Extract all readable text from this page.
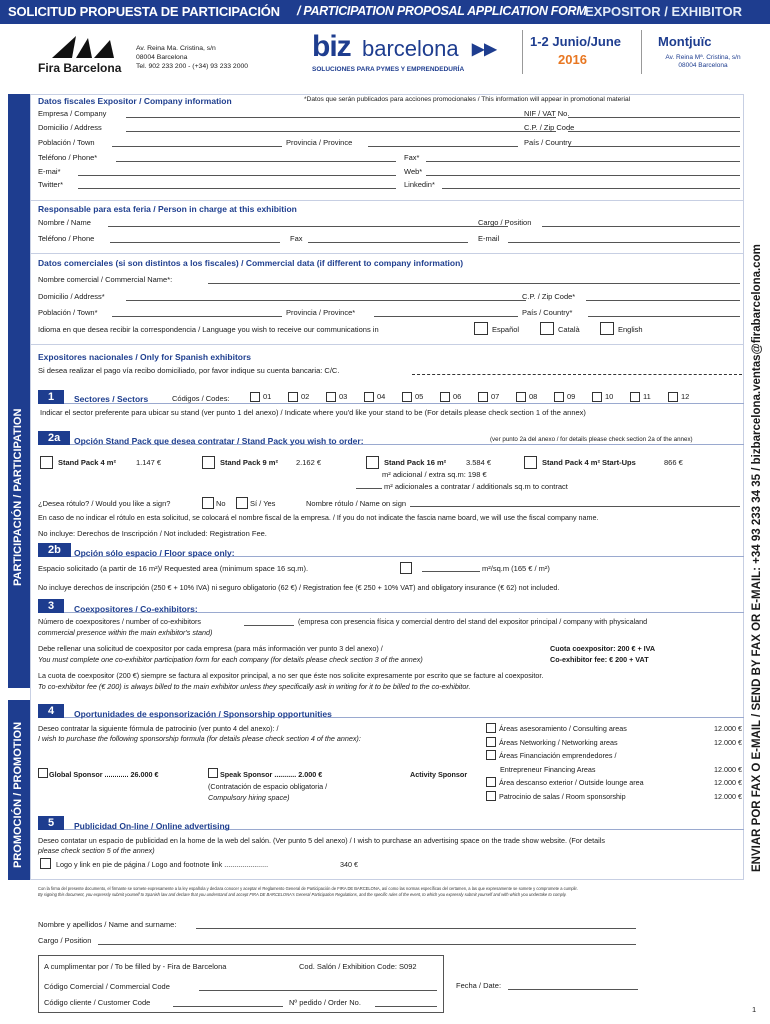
SOLICITUD PROPUESTA DE PARTICIPACIÓN / PARTICIPATION PROPOSAL APPLICATION FORM
EXPOSITOR / EXHIBITOR
Fira Barcelona
Av. Reina Ma. Cristina, s/n
08004 Barcelona
Tel. 902 233 200 - (+34) 93 233 2000
biz barcelona ▶▶
SOLUCIONES PARA PYMES Y EMPRENDEDURÍA
1-2 Junio/June
2016
Montjuïc
Av. Reina Mª. Cristina, s/n
08004 Barcelona
PARTICIPACIÓN / PARTICIPATION
PROMOCIÓN / PROMOTION	ENVIAR POR FAX O E-MAIL / SEND BY FAX OR E-MAIL: +34 93 233 34 35 / bizbarcelona.ventas@firabarcelona.com
Datos fiscales Expositor / Company information	*Datos que serán publicados para acciones promocionales / This information will appear in promotional material
Empresa / Company	NIF / VAT No.
Domicilio / Address	C.P. / Zip Code
Población / Town	Provincia / Province	País / Country
Teléfono / Phone*	Fax*
E-mai*	Web*
Twitter*	Linkedin*
Responsable para esta feria / Person in charge at this exhibition
Nombre / Name	Cargo / Position
Teléfono / Phone	Fax	E-mail
Datos comerciales (si son distintos a los fiscales) / Commercial data (if different to company information)
Nombre comercial / Commercial Name*:
Domicilio / Address*	C.P. / Zip Code*
Población / Town*	Provincia / Province*	País / Country*
Idioma en que desea recibir la correspondencia / Language you wish to receive our communications in	Español	Català	English
Expositores nacionales / Only for Spanish exhibitors
Si desea realizar el pago vía recibo domiciliado, por favor indique su cuenta bancaria: C/C.
1	Sectores / Sectors	Códigos / Codes:	01	02	03	04	05	06	07	08	09	10	11	12
Indicar el sector preferente para ubicar su stand (ver punto 1 del anexo) / Indicate where you'd like your stand to be (For details please check section 1 of the annex)
2a	Opción Stand Pack que desea contratar / Stand Pack you wish to order:	(ver punto 2a del anexo / for details please check section 2a of the annex)
Stand Pack 4 m²	1.147 €	Stand Pack 9 m² 2.162 €	Stand Pack 16 m²	3.584 €
m² adicional / extra sq.m: 198 €
m² adicionales a contratar / additionals sq.m to contract
Stand Pack 4 m² Start-Ups	866 €
¿Desea rótulo? / Would you like a sign?	No	Sí / Yes	Nombre rótulo / Name on sign
En caso de no indicar el rótulo en esta solicitud, se colocará el nombre fiscal de la empresa. / If you do not indicate the fascia name board, we will use the fiscal company name.
No incluye: Derechos de Inscripción / Not included: Registration Fee.
2b	Opción sólo espacio / Floor space only:
Espacio solicitado (a partir de 16 m²)/ Requested area (minimum space 16 sq.m).	m²/sq.m (165 € / m²)
No incluye derechos de inscripción (250 € + 10% IVA) ni seguro obligatorio (62 €) / Registration fee (€ 250 + 10% VAT) and obligatory insurance (€ 62) not included.
3	Coexpositores / Co-exhibitors:
Número de coexpositores / number of co-exhibitors	(empresa con presencia física y comercial dentro del stand del expositor principal / company with physicaland
commercial presence within the main exhibitor's stand)
Debe rellenar una solicitud de coexpositor por cada empresa (para más información ver punto 3 del anexo) /
You must complete one co-exhibitor participation form for each company (for details please check section 3 of the annex)
Cuota coexpositor: 200 € + IVA
Co-exhibitor fee: € 200 + VAT
La cuota de coexpositor (200 €) siempre se factura al expositor principal, a no ser que éste nos solicite expresamente por escrito que se facture al coexpositor.
To co-exhibitor fee (€ 200) is always billed to the main exhibitor unless they specifically ask in writing for it to be billed to the co-exhibitor.
4	Oportunidades de esponsorización / Sponsorship opportunities
Deseo contratar la siguiente fórmula de patrocinio (ver punto 4 del anexo): /
I wish to purchase the following sponsorship formula (for details please check section 4 of the annex):
Global Sponsor ............ 26.000 €	Speak Sponsor ........... 2.000 €
(Contratación de espacio obligatoria /
Compulsory hiring space)
Activity Sponsor
Áreas asesoramiento / Consulting areas	12.000 €
Áreas Networking / Networking areas	12.000 €
Áreas Financiación emprendedores /
Entrepreneur Financing Areas	12.000 €
Área descanso exterior / Outside lounge area	12.000 €
Patrocinio de salas / Room sponsorship	12.000 €
5	Publicidad On-line / Online advertising
Deseo contatar un espacio de publicidad en la home de la web del salón. (Ver punto 5 del anexo) / I wish to purchase an advertising space on the trade show website. (For details
please check section 5 of the annex)
Logo y link en pie de página / Logo and footnote link ......................	340 €
Con la firma del presente documento, el firmante se somete expresamente a la ley española y declara conocer y aceptar el Reglamento General de Participación de FIRA DE BARCELONA, así como las normas específicas del certamen, a las que expresamente se somete y compromete a cumplir.
By signing this document, you expressly submit yourself to Spanish law and declare that you understand and accept FIRA DE BARCELONA's General Participation Regulations, and the specific rules of the event, to which you expressly submit yourself and with which you undertake to comply.
Nombre y apellidos / Name and surname:
Cargo / Position
A cumplimentar por / To be filled by - Fira de Barcelona	Cod. Salón / Exhibition Code: S092
Código Comercial / Commercial Code
Código cliente / Customer Code	Nº pedido / Order No.
Fecha / Date:
1
